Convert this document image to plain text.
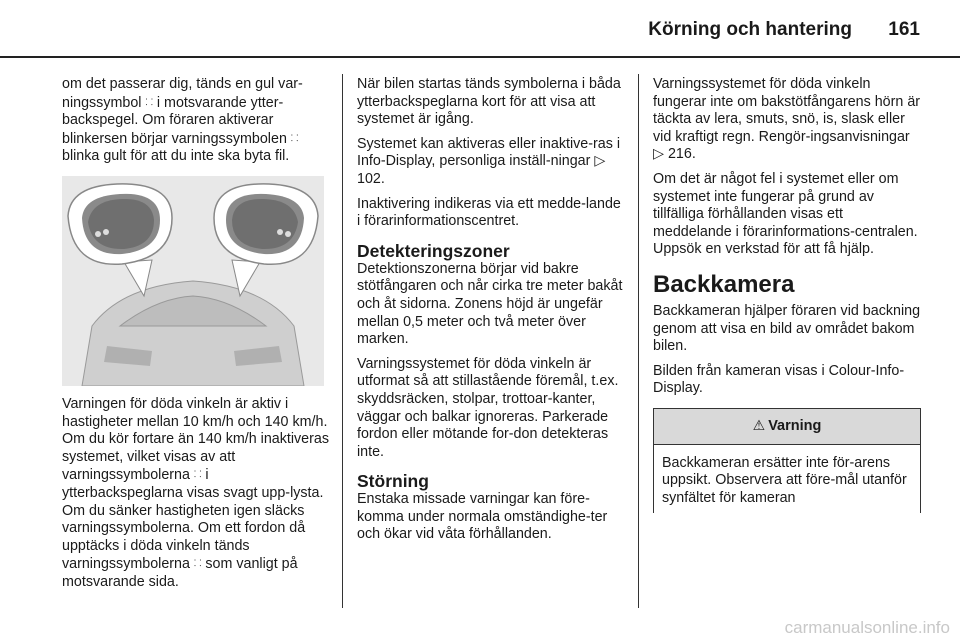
Körning och hantering 161

om det passerar dig, tänds en gul var-ningssymbol ⸬ i motsvarande ytter-backspegel. Om föraren aktiverar blinkersen börjar varningssymbolen ⸬ blinka gult för att du inte ska byta fil.

Varningen för döda vinkeln är aktiv i hastigheter mellan 10 km/h och 140 km/h. Om du kör fortare än 140 km/h inaktiveras systemet, vilket visas av att varningssymbolerna ⸬ i ytterbackspeglarna visas svagt upp-lysta. Om du sänker hastigheten igen släcks varningssymbolerna. Om ett fordon då upptäcks i döda vinkeln tänds varningssymbolerna ⸬ som vanligt på motsvarande sida.

När bilen startas tänds symbolerna i båda ytterbackspeglarna kort för att visa att systemet är igång.

Systemet kan aktiveras eller inaktive-ras i Info-Display, personliga inställ-ningar ▷ 102.

Inaktivering indikeras via ett medde-lande i förarinformationscentret.

Detekteringszoner

Detektionszonerna börjar vid bakre stötfångaren och når cirka tre meter bakåt och åt sidorna. Zonens höjd är ungefär mellan 0,5 meter och två meter över marken.

Varningssystemet för döda vinkeln är utformat så att stillastående föremål, t.ex. skyddsräcken, stolpar, trottoar-kanter, väggar och balkar ignoreras. Parkerade fordon eller mötande for-don detekteras inte.

Störning

Enstaka missade varningar kan före-komma under normala omständighe-ter och ökar vid våta förhållanden.

Varningssystemet för döda vinkeln fungerar inte om bakstötfångarens hörn är täckta av lera, smuts, snö, is, slask eller vid kraftigt regn. Rengör-ingsanvisningar ▷ 216.

Om det är något fel i systemet eller om systemet inte fungerar på grund av tillfälliga förhållanden visas ett meddelande i förarinformations-centralen. Uppsök en verkstad för att få hjälp.

Backkamera

Backkameran hjälper föraren vid backning genom att visa en bild av området bakom bilen.

Bilden från kameran visas i Colour-Info-Display.

⚠ Varning
Backkameran ersätter inte för-arens uppsikt. Observera att före-mål utanför synfältet för kameran
carmanualsonline.info
